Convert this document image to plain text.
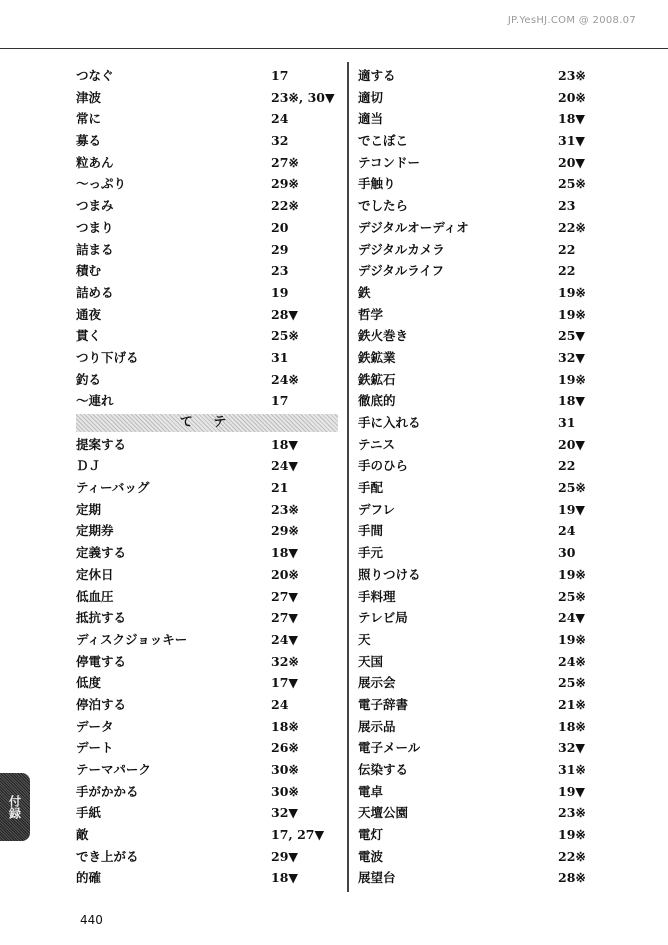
JP.YesHJ.COM @ 2008.07
つなぐ	17
津波	23※, 30▼
常に	24
募る	32
粒あん	27※
～っぷり	29※
つまみ	22※
つまり	20
詰まる	29
積む	23
詰める	19
通夜	28▼
貫く	25※
つり下げる	31
釣る	24※
～連れ	17
て テ
提案する	18▼
ＤＪ	24▼
ティーバッグ	21
定期	23※
定期券	29※
定義する	18▼
定休日	20※
低血圧	27▼
抵抗する	27▼
ディスクジョッキー	24▼
停電する	32※
低度	17▼
停泊する	24
データ	18※
デート	26※
テーマパーク	30※
手がかかる	30※
手紙	32▼
敵	17, 27▼
でき上がる	29▼
的確	18▼
適する	23※
適切	20※
適当	18▼
でこぼこ	31▼
テコンドー	20▼
手触り	25※
でしたら	23
デジタルオーディオ	22※
デジタルカメラ	22
デジタルライフ	22
鉄	19※
哲学	19※
鉄火巻き	25▼
鉄鉱業	32▼
鉄鉱石	19※
徹底的	18▼
手に入れる	31
テニス	20▼
手のひら	22
手配	25※
デフレ	19▼
手間	24
手元	30
照りつける	19※
手料理	25※
テレビ局	24▼
天	19※
天国	24※
展示会	25※
電子辞書	21※
展示品	18※
電子メール	32▼
伝染する	31※
電卓	19▼
天壇公園	23※
電灯	19※
電波	22※
展望台	28※
付録
440
